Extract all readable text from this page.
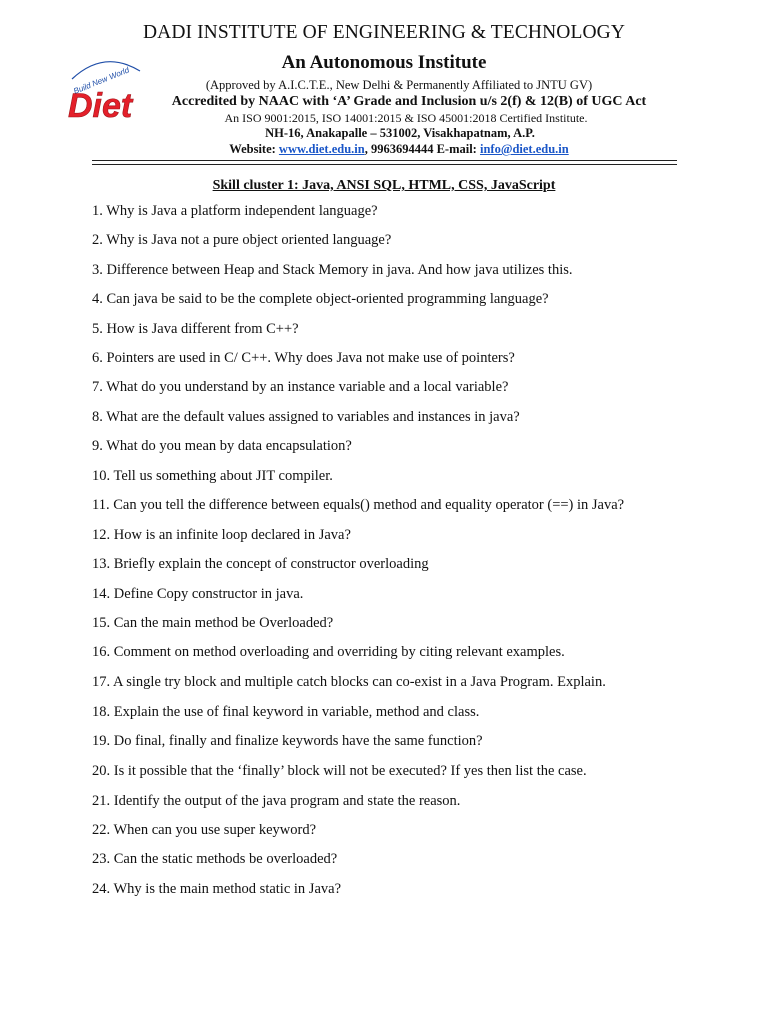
Build New World
Diet
DADI INSTITUTE OF ENGINEERING & TECHNOLOGY
An Autonomous Institute
(Approved by A.I.C.T.E., New Delhi & Permanently Affiliated to JNTU GV)
Accredited by NAAC with ‘A’ Grade and Inclusion u/s 2(f) & 12(B) of UGC Act
An ISO 9001:2015, ISO 14001:2015 & ISO 45001:2018 Certified Institute.
NH-16, Anakapalle – 531002, Visakhapatnam, A.P.
Website: www.diet.edu.in, 9963694444 E-mail: info@diet.edu.in
Skill cluster 1: Java, ANSI SQL, HTML, CSS, JavaScript
1. Why is Java a platform independent language?
2. Why is Java not a pure object oriented language?
3. Difference between Heap and Stack Memory in java. And how java utilizes this.
4. Can java be said to be the complete object-oriented programming language?
5. How is Java different from C++?
6. Pointers are used in C/ C++. Why does Java not make use of pointers?
7. What do you understand by an instance variable and a local variable?
8. What are the default values assigned to variables and instances in java?
9. What do you mean by data encapsulation?
10. Tell us something about JIT compiler.
11. Can you tell the difference between equals() method and equality operator (==) in Java?
12. How is an infinite loop declared in Java?
13. Briefly explain the concept of constructor overloading
14. Define Copy constructor in java.
15. Can the main method be Overloaded?
16. Comment on method overloading and overriding by citing relevant examples.
17. A single try block and multiple catch blocks can co-exist in a Java Program. Explain.
18. Explain the use of final keyword in variable, method and class.
19. Do final, finally and finalize keywords have the same function?
20. Is it possible that the ‘finally’ block will not be executed? If yes then list the case.
21. Identify the output of the java program and state the reason.
22. When can you use super keyword?
23. Can the static methods be overloaded?
24. Why is the main method static in Java?
